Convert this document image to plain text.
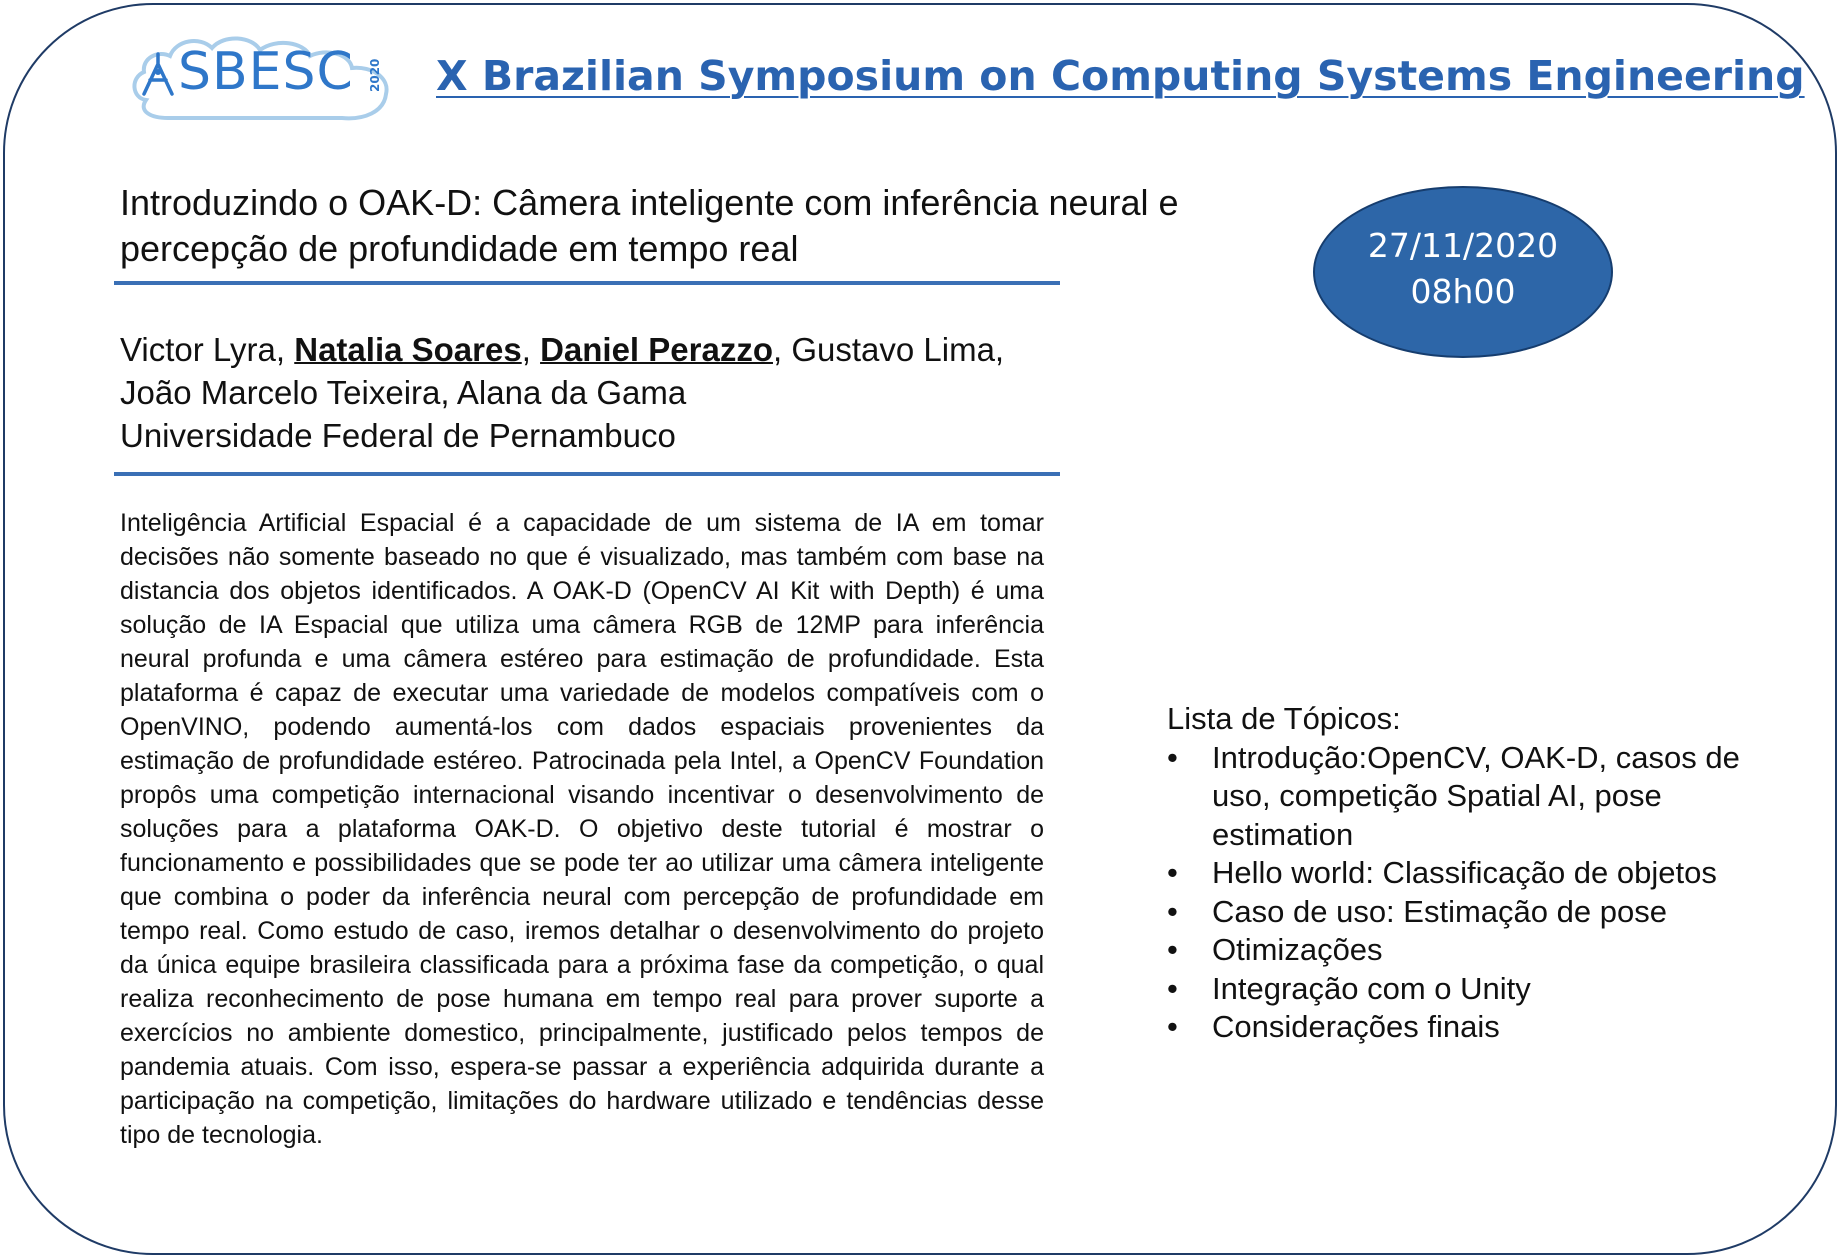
SBESC 2020 X Brazilian Symposium on Computing Systems Engineering
Introduzindo o OAK-D: Câmera inteligente com inferência neural e percepção de profundidade em tempo real	27/11/2020
08h00
Victor Lyra, Natalia Soares, Daniel Perazzo, Gustavo Lima,
João Marcelo Teixeira, Alana da Gama
Universidade Federal de Pernambuco
Inteligência Artificial Espacial é a capacidade de um sistema de IA em tomar decisões não somente baseado no que é visualizado, mas também com base na distancia dos objetos identificados. A OAK-D (OpenCV AI Kit with Depth) é uma solução de IA Espacial que utiliza uma câmera RGB de 12MP para inferência neural profunda e uma câmera estéreo para estimação de profundidade. Esta plataforma é capaz de executar uma variedade de modelos compatíveis com o OpenVINO, podendo aumentá-los com dados espaciais provenientes da estimação de profundidade estéreo. Patrocinada pela Intel, a OpenCV Foundation propôs uma competição internacional visando incentivar o desenvolvimento de soluções para a plataforma OAK-D. O objetivo deste tutorial é mostrar o funcionamento e possibilidades que se pode ter ao utilizar uma câmera inteligente que combina o poder da inferência neural com percepção de profundidade em tempo real. Como estudo de caso, iremos detalhar o desenvolvimento do projeto da única equipe brasileira classificada para a próxima fase da competição, o qual realiza reconhecimento de pose humana em tempo real para prover suporte a exercícios no ambiente domestico, principalmente, justificado pelos tempos de pandemia atuais. Com isso, espera-se passar a experiência adquirida durante a participação na competição, limitações do hardware utilizado e tendências desse tipo de tecnologia.
Lista de Tópicos:
• Introdução:OpenCV, OAK-D, casos de uso, competição Spatial AI, pose estimation
• Hello world: Classificação de objetos
• Caso de uso: Estimação de pose
• Otimizações
• Integração com o Unity
• Considerações finais
